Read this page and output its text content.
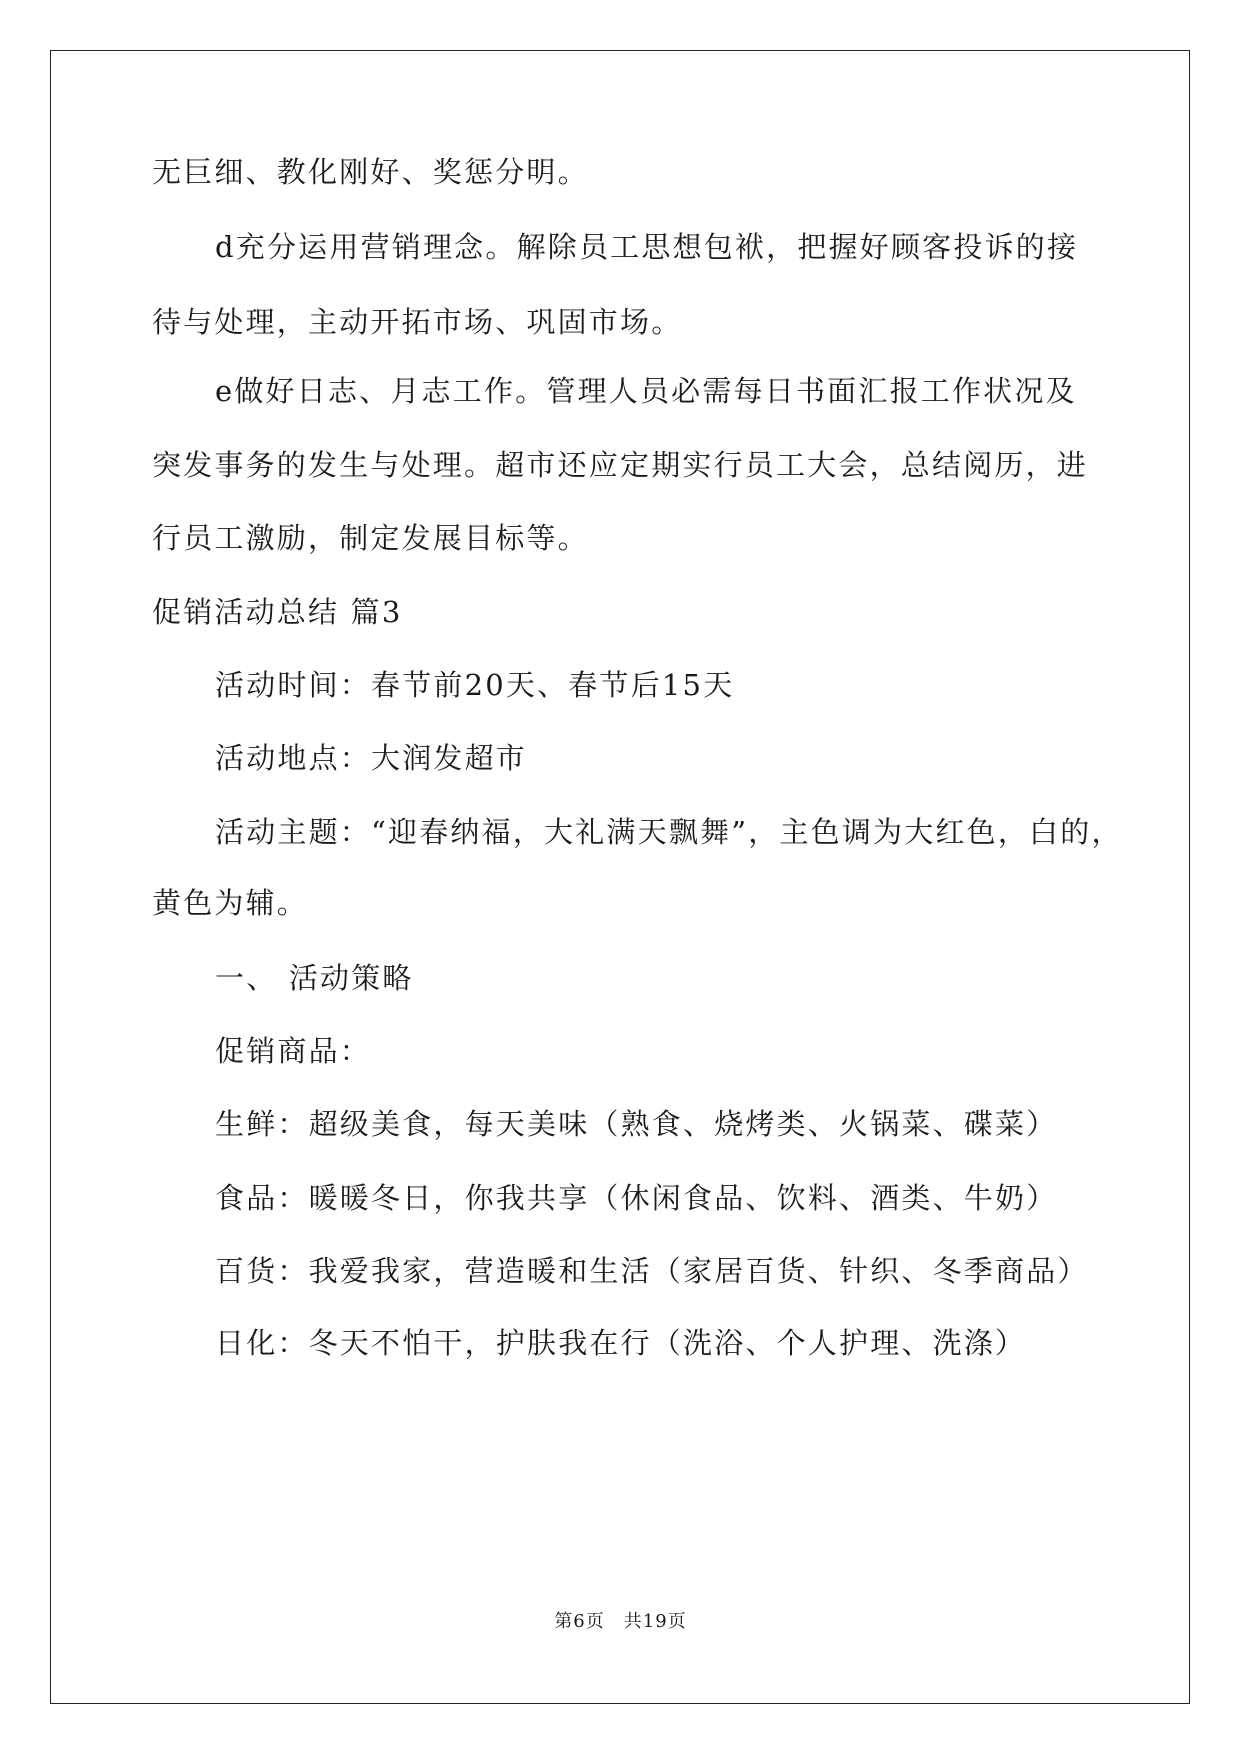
无巨细、教化刚好、奖惩分明。
d充分运用营销理念。解除员工思想包袱，把握好顾客投诉的接
待与处理，主动开拓市场、巩固市场。
e做好日志、月志工作。管理人员必需每日书面汇报工作状况及
突发事务的发生与处理。超市还应定期实行员工大会，总结阅历，进
行员工激励，制定发展目标等。
促销活动总结 篇3
活动时间：春节前20天、春节后15天
活动地点：大润发超市
活动主题：“迎春纳福，大礼满天飘舞”，主色调为大红色，白的，
黄色为辅。
一、 活动策略
促销商品：
生鲜：超级美食，每天美味（熟食、烧烤类、火锅菜、碟菜）
食品：暖暖冬日，你我共享（休闲食品、饮料、酒类、牛奶）
百货：我爱我家，营造暖和生活（家居百货、针织、冬季商品）
日化：冬天不怕干，护肤我在行（洗浴、个人护理、洗涤）
第6页　共19页
